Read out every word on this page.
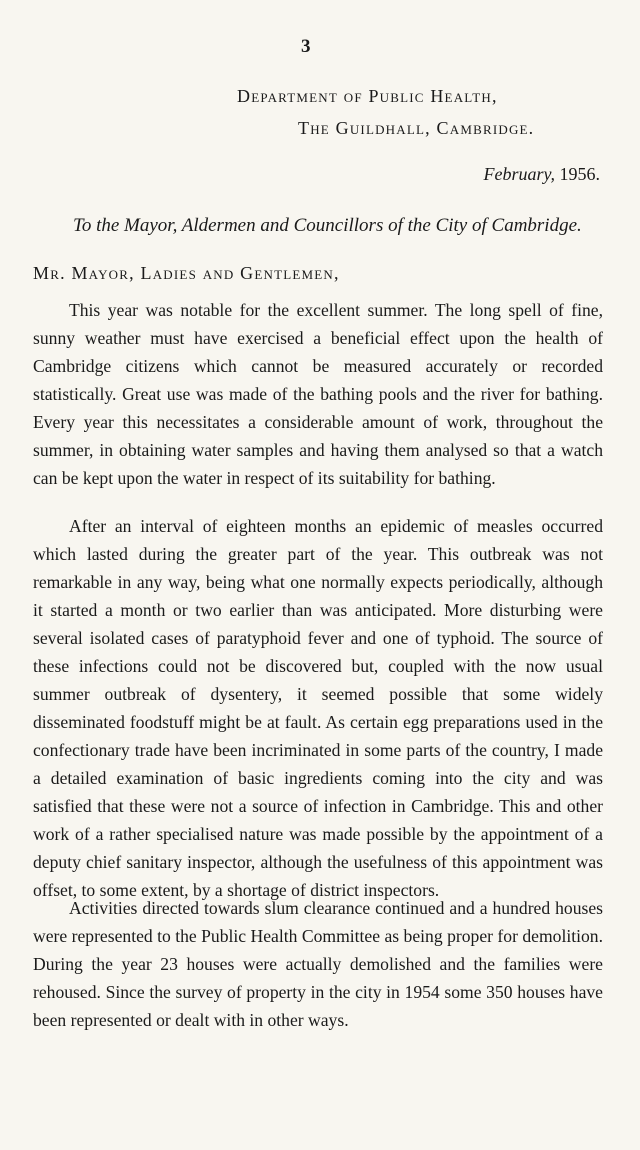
3
Department of Public Health,
The Guildhall, Cambridge.
February, 1956.
To the Mayor, Aldermen and Councillors of the City of Cambridge.
Mr. Mayor, Ladies and Gentlemen,

This year was notable for the excellent summer. The long spell of fine, sunny weather must have exercised a beneficial effect upon the health of Cambridge citizens which cannot be measured accurately or recorded statistically. Great use was made of the bathing pools and the river for bathing. Every year this necessitates a considerable amount of work, throughout the summer, in obtaining water samples and having them analysed so that a watch can be kept upon the water in respect of its suitability for bathing.

After an interval of eighteen months an epidemic of measles occurred which lasted during the greater part of the year. This outbreak was not remarkable in any way, being what one normally expects periodically, although it started a month or two earlier than was anticipated. More disturbing were several isolated cases of paratyphoid fever and one of typhoid. The source of these infections could not be discovered but, coupled with the now usual summer outbreak of dysentery, it seemed possible that some widely disseminated foodstuff might be at fault. As certain egg preparations used in the confectionary trade have been incriminated in some parts of the country, I made a detailed examination of basic ingredients coming into the city and was satisfied that these were not a source of infection in Cambridge. This and other work of a rather specialised nature was made possible by the appointment of a deputy chief sanitary inspector, although the usefulness of this appointment was offset, to some extent, by a shortage of district inspectors.

Activities directed towards slum clearance continued and a hundred houses were represented to the Public Health Committee as being proper for demolition. During the year 23 houses were actually demolished and the families were rehoused. Since the survey of property in the city in 1954 some 350 houses have been represented or dealt with in other ways.
